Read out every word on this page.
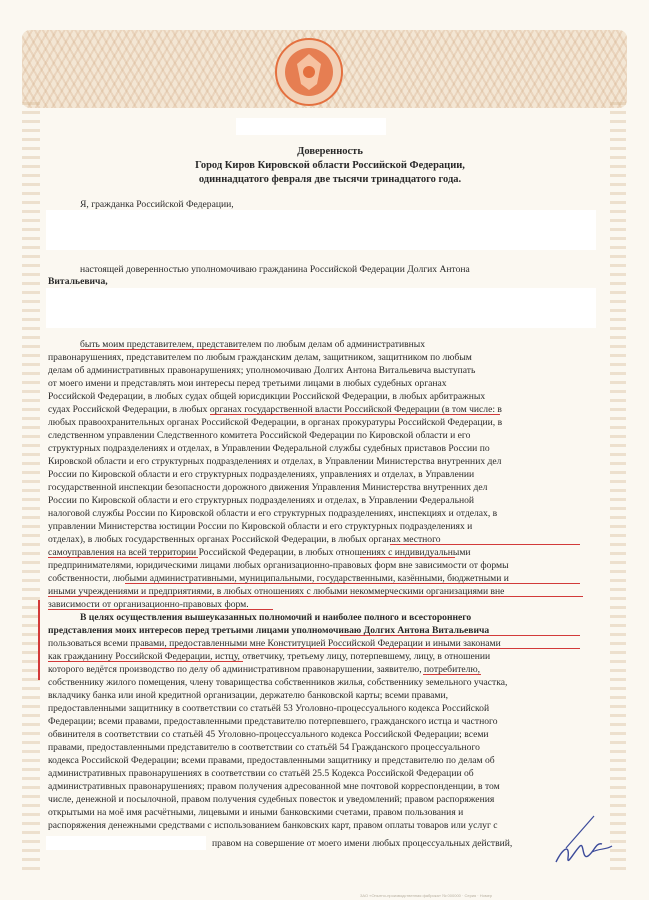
Доверенность
Город Киров Кировской области Российской Федерации,
одиннадцатого февраля две тысячи тринадцатого года.
Я, гражданка Российской Федерации,
настоящей доверенностью уполномочиваю гражданина Российской Федерации Долгих Антона
Витальевича,
быть моим представителем, представителем по любым делам об административных
правонарушениях, представителем по любым гражданским делам, защитником, защитником по любым
делам об административных правонарушениях; уполномочиваю Долгих Антона Витальевича выступать
от моего имени и представлять мои интересы перед третьими лицами в любых судебных органах
Российской Федерации, в любых судах общей юрисдикции Российской Федерации, в любых арбитражных
судах Российской Федерации, в любых органах государственной власти Российской Федерации (в том числе: в
любых правоохранительных органах Российской Федерации, в органах прокуратуры Российской Федерации, в
следственном управлении Следственного комитета Российской Федерации по Кировской области и его
структурных подразделениях и отделах, в Управлении Федеральной службы судебных приставов России по
Кировской области и его структурных подразделениях и отделах, в Управлении Министерства внутренних дел
России по Кировской области и его структурных подразделениях, управлениях и отделах, в Управлении
государственной инспекции безопасности дорожного движения Управления Министерства внутренних дел
России по Кировской области и его структурных подразделениях и отделах, в Управлении Федеральной
налоговой службы России по Кировской области и его структурных подразделениях, инспекциях и отделах, в
управлении Министерства юстиции России по Кировской области и его структурных подразделениях и
отделах), в любых государственных органах Российской Федерации, в любых органах местного
самоуправления на всей территории Российской Федерации, в любых отношениях с индивидуальными
предпринимателями, юридическими лицами любых организационно-правовых форм вне зависимости от формы
собственности, любыми административными, муниципальными, государственными, казёнными, бюджетными и
иными учреждениями и предприятиями, в любых отношениях с любыми некоммерческими организациями вне
зависимости от организационно-правовых форм.
В целях осуществления вышеуказанных полномочий и наиболее полного и всестороннего
представления моих интересов перед третьими лицами уполномочиваю Долгих Антона Витальевича
пользоваться всеми правами, предоставленными мне Конституцией Российской Федерации и иными законами
как гражданину Российской Федерации, истцу, ответчику, третьему лицу, потерпевшему, лицу, в отношении
которого ведётся производство по делу об административном правонарушении, заявителю, потребителю,
собственнику жилого помещения, члену товарищества собственников жилья, собственнику земельного участка,
вкладчику банка или иной кредитной организации, держателю банковской карты; всеми правами,
предоставленными защитнику в соответствии со статьёй 53 Уголовно-процессуального кодекса Российской
Федерации; всеми правами, предоставленными представителю потерпевшего, гражданского истца и частного
обвинителя в соответствии со статьёй 45 Уголовно-процессуального кодекса Российской Федерации; всеми
правами, предоставленными представителю в соответствии со статьёй 54 Гражданского процессуального
кодекса Российской Федерации; всеми правами, предоставленными защитнику и представителю по делам об
административных правонарушениях в соответствии со статьёй 25.5 Кодекса Российской Федерации об
административных правонарушениях; правом получения адресованной мне почтовой корреспонденции, в том
числе, денежной и посылочной, правом получения судебных повесток и уведомлений; правом распоряжения
открытыми на моё имя расчётными, лицевыми и иными банковскими счетами, правом пользования и
распоряжения денежными средствами с использованием банковских карт, правом оплаты товаров или услуг с
правом на совершение от моего имени любых процессуальных действий,
ЗАО «Опытно-производственная фабрика» № 000000 · Серия · Номер
